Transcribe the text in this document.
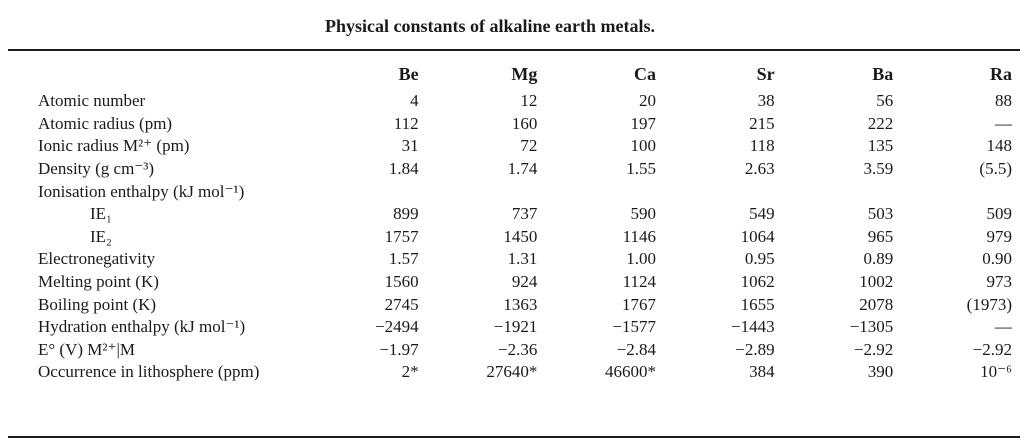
Physical constants of alkaline earth metals.
	Be	Mg	Ca	Sr	Ba	Ra
Atomic number	4	12	20	38	56	88
Atomic radius (pm)	112	160	197	215	222	—
Ionic radius M²⁺ (pm)	31	72	100	118	135	148
Density (g cm⁻³)	1.84	1.74	1.55	2.63	3.59	(5.5)
Ionisation enthalpy (kJ mol⁻¹)						
IE₁	899	737	590	549	503	509
IE₂	1757	1450	1146	1064	965	979
Electronegativity	1.57	1.31	1.00	0.95	0.89	0.90
Melting point (K)	1560	924	1124	1062	1002	973
Boiling point (K)	2745	1363	1767	1655	2078	(1973)
Hydration enthalpy (kJ mol⁻¹)	−2494	−1921	−1577	−1443	−1305	—
E° (V) M²⁺|M	−1.97	−2.36	−2.84	−2.89	−2.92	−2.92
Occurrence in lithosphere (ppm)	2*	27640*	46600*	384	390	10⁻⁶
